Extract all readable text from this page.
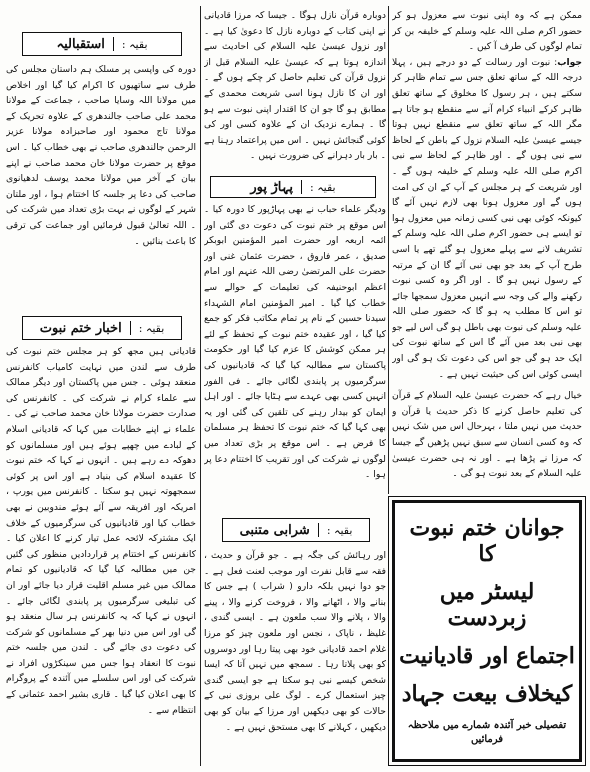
ممکن ہے کہ وہ اپنی نبوت سے معزول ہو کر حضور اکرم صلی اللہ علیہ وسلم کے خلیفہ بن کر تمام لوگوں کی طرف آ کیں ۔

جواب: نبوت اور رسالت کے دو درجے ہیں ، پہلا درجہ اللہ کے ساتھ تعلق جس سے تمام ظاہر کر سکتے ہیں ، ہر رسول کا مخلوق کے ساتھ تعلق ظاہر کرکے انبیاء کرام آنے سے منقطع ہو جاتا ہے مگر اللہ کے ساتھ تعلق سے منقطع نہیں ہوتا جیسے عیسیٰ علیہ السلام نزول کے باطن کے لحاظ سے نبی ہوں گے ۔ اور ظاہر کے لحاظ سے نبی اکرم صلی اللہ علیہ وسلم کے خلیفہ ہوں گے ۔ اور شریعت کے ہر مجلس کے آپ کے ان کی امت ہوں گے اور معزول ہونا بھی لازم نہیں آئے گا کیونکہ کوئی بھی نبی کسی زمانہ میں معزول ہوا تو ایسے ہی حضور اکرم صلی اللہ علیہ وسلم کے تشریف لانے سے پہلے معزول ہو گئے تھے یا اسی طرح آپ کے بعد جو بھی نبی آئے گا ان کے مرتبہ کے رسول نہیں ہو گا ۔ اور اگر وہ کسی نبوت رکھنے والے کی وجہ سے انہیں معزول سمجھا جائے تو اس کا مطلب یہ ہو گا کہ حضور صلی اللہ علیہ وسلم کی نبوت بھی باطل ہو گی اس لیے جو بھی نبی بعد میں آئے گا اس کے ساتھ نبوت کی ایک حد ہو گی جو اس کی دعوت تک ہو گی اور ایسی کوئی اس کی حیثیت نہیں ہے ۔

خیال رہے کہ حضرت عیسیٰ علیہ السلام کے قرآن کی تعلیم حاصل کرنے کا ذکر حدیث یا قرآن و حدیث میں نہیں ملتا ، بہرحال اس میں شک نہیں کہ وہ کسی انسان سے سبق نہیں پڑھیں گے جیسا کہ مرزا نے پڑھا ہے ۔ اور نہ ہی حضرت عیسیٰ علیہ السلام کے بعد نبوت ہو گی ۔

بقیہ :
استقبالیہ

دورہ کی واپسی پر مسلک ہم داستان مجلس کی طرف سے ساتھیوں کا اکرام کیا گیا اور اخلاص میں مولانا اللہ وسایا صاحب ، جماعت کے مولانا محمد علی صاحب جالندھری کے علاوہ تحریک کے مولانا تاج محمود اور صاحبزادہ مولانا عزیز الرحمن جالندھری صاحب نے بھی خطاب کیا ۔ اس موقع پر حضرت مولانا خان محمد صاحب نے اپنے بیان کے آخر میں مولانا محمد یوسف لدھیانوی صاحب کی دعا پر جلسہ کا اختتام ہوا ، اور ملتان شہر کے لوگوں نے بہت بڑی تعداد میں شرکت کی ۔ اللہ تعالیٰ قبول فرمائیں اور جماعت کی ترقی کا باعث بنائیں ۔

دوبارہ قرآن نازل ہوگا ۔ جیسا کہ مرزا قادیانی نے اپنی کتاب کے دوبارہ نازل کا دعویٰ کیا ہے ۔ اور نزول عیسیٰ علیہ السلام کی احادیث سے اندازہ ہوتا ہے کہ عیسیٰ علیہ السلام قبل از نزول قرآن کی تعلیم حاصل کر چکے ہوں گے ۔ اور ان کا نازل ہونا اسی شریعت محمدی کے مطابق ہو گا جو ان کا اقتدار اپنی نبوت سے ہو گا ۔ ہمارے نزدیک ان کے علاوہ کسی اور کی کوئی گنجائش نہیں ۔ اس میں پراعتماد رہنا ہے ۔ بار بار دہرانے کی ضرورت نہیں ۔

بقیہ :
پہاڑ پور

ودیگر علماء حباب نے بھی پہاڑپور کا دورہ کیا ۔ اس موقع پر ختم نبوت کی دعوت دی گئی اور ائمہ اربعہ اور حضرت امیر المؤمنین ابوبکر صدیق ، عمر فاروق ، حضرت عثمان غنی اور حضرت علی المرتضیٰ رضی اللہ عنہم اور امام اعظم ابوحنیفہ کی تعلیمات کے حوالے سے خطاب کیا گیا ۔ امیر المؤمنین امام الشہداء سیدنا حسین کے نام پر تمام مکاتب فکر کو جمع کیا گیا ، اور عقیدہ ختم نبوت کے تحفظ کے لئے ہر ممکن کوشش کا عزم کیا گیا اور حکومت پاکستان سے مطالبہ کیا گیا کہ قادیانیوں کی سرگرمیوں پر پابندی لگائی جائے ۔ فی الفور انہیں کسی بھی عہدے سے ہٹایا جائے ۔ اور اہل ایمان کو بیدار رہنے کی تلقین کی گئی اور یہ بھی کہا گیا کہ ختم نبوت کا تحفظ ہر مسلمان کا فرض ہے ۔ اس موقع پر بڑی تعداد میں لوگوں نے شرکت کی اور تقریب کا اختتام دعا پر ہوا ۔

بقیہ :
اخبار ختم نبوت

قادیانی ہیں مجھ کو ہر مجلس ختم نبوت کی طرف سے لندن میں نہایت کامیاب کانفرنس منعقد ہوئی ۔ جس میں پاکستان اور دیگر ممالک سے علماء کرام نے شرکت کی ۔ کانفرنس کی صدارت حضرت مولانا خان محمد صاحب نے کی ۔ علماء نے اپنے خطابات میں کہا کہ قادیانی اسلام کے لبادے میں چھپے ہوئے ہیں اور مسلمانوں کو دھوکہ دے رہے ہیں ۔ انہوں نے کہا کہ ختم نبوت کا عقیدہ اسلام کی بنیاد ہے اور اس پر کوئی سمجھوتہ نہیں ہو سکتا ۔ کانفرنس میں یورپ ، امریکہ اور افریقہ سے آئے ہوئے مندوبین نے بھی خطاب کیا اور قادیانیوں کی سرگرمیوں کے خلاف ایک مشترکہ لائحہ عمل تیار کرنے کا اعلان کیا ۔ کانفرنس کے اختتام پر قراردادیں منظور کی گئیں جن میں مطالبہ کیا گیا کہ قادیانیوں کو تمام ممالک میں غیر مسلم اقلیت قرار دیا جائے اور ان کی تبلیغی سرگرمیوں پر پابندی لگائی جائے ۔ انہوں نے کہا کہ یہ کانفرنس ہر سال منعقد ہو گی اور اس میں دنیا بھر کے مسلمانوں کو شرکت کی دعوت دی جائے گی ۔ لندن میں جلسہ ختم نبوت کا انعقاد ہوا جس میں سینکڑوں افراد نے شرکت کی اور اس سلسلے میں آئندہ کے پروگرام کا بھی اعلان کیا گیا ۔ قاری بشیر احمد عثمانی کے انتظام سے ۔

بقیہ :
شرابی متنبی

اور رہائش کی جگہ ہے ۔ جو قرآن و حدیث ، فقہ سے قابل نفرت اور موجب لعنت فعل ہے ۔ جو دوا نہیں بلکہ دارو ( شراب ) ہے جس کا بنانے والا ، اٹھانے والا ، فروخت کرنے والا ، پینے والا ، پلانے والا سب ملعون ہے ۔ ایسی گندی ، غلیظ ، ناپاک ، نجس اور ملعون چیز کو مرزا غلام احمد قادیانی خود بھی پیتا رہا اور دوسروں کو بھی پلاتا رہا ۔ سمجھ میں نہیں آتا کہ ایسا شخص کیسے نبی ہو سکتا ہے جو ایسی گندی چیز استعمال کرے ۔ لوگ علی بروزی نبی کے حالات کو بھی دیکھیں اور مرزا کے بیان کو بھی دیکھیں ، کہلانے کا بھی مستحق نہیں ہے ۔

جوانان ختم نبوت کا
لیسٹر میں زبردست
اجتماع اور قادیانیت
کیخلاف بیعت جہاد
تفصیلی خبر آئندہ شمارے میں ملاحظہ فرمائیں
